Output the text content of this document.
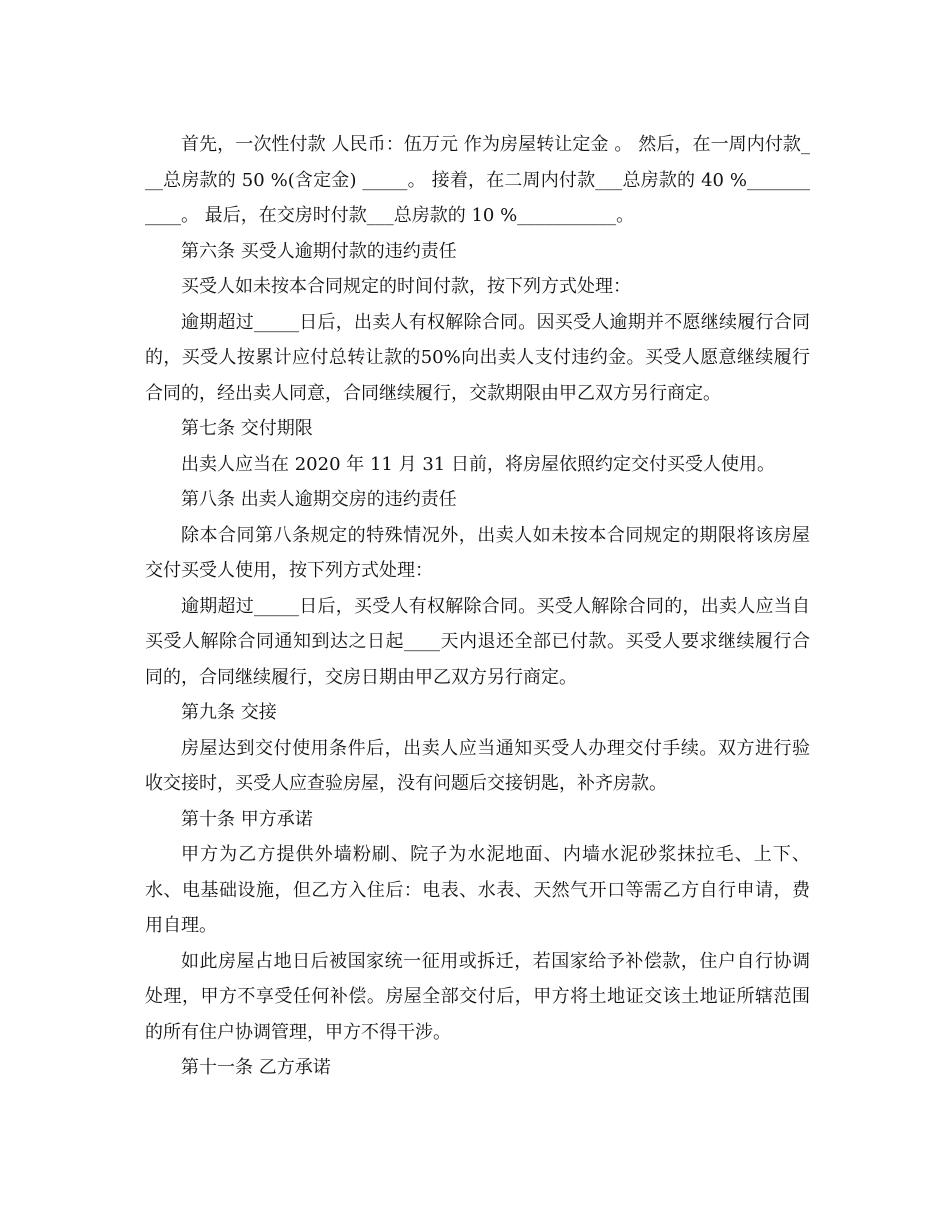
首先，一次性付款 人民币：伍万元 作为房屋转让定金 。 然后，在一周内付款___总房款的 50 %(含定金) _____。 接着，在二周内付款___总房款的 40 %___________。 最后，在交房时付款___总房款的 10 %___________。

第六条 买受人逾期付款的违约责任

买受人如未按本合同规定的时间付款，按下列方式处理：

逾期超过_____日后，出卖人有权解除合同。因买受人逾期并不愿继续履行合同的，买受人按累计应付总转让款的50%向出卖人支付违约金。买受人愿意继续履行合同的，经出卖人同意，合同继续履行，交款期限由甲乙双方另行商定。

第七条 交付期限

出卖人应当在 2020 年 11 月 31 日前，将房屋依照约定交付买受人使用。

第八条 出卖人逾期交房的违约责任

除本合同第八条规定的特殊情况外，出卖人如未按本合同规定的期限将该房屋交付买受人使用，按下列方式处理：

逾期超过_____日后，买受人有权解除合同。买受人解除合同的，出卖人应当自买受人解除合同通知到达之日起____天内退还全部已付款。买受人要求继续履行合同的，合同继续履行，交房日期由甲乙双方另行商定。

第九条 交接

房屋达到交付使用条件后，出卖人应当通知买受人办理交付手续。双方进行验收交接时，买受人应查验房屋，没有问题后交接钥匙，补齐房款。

第十条 甲方承诺

甲方为乙方提供外墙粉刷、院子为水泥地面、内墙水泥砂浆抹拉毛、上下、水、电基础设施，但乙方入住后：电表、水表、天然气开口等需乙方自行申请，费用自理。

如此房屋占地日后被国家统一征用或拆迁，若国家给予补偿款，住户自行协调处理，甲方不享受任何补偿。房屋全部交付后，甲方将土地证交该土地证所辖范围的所有住户协调管理，甲方不得干涉。

第十一条 乙方承诺
